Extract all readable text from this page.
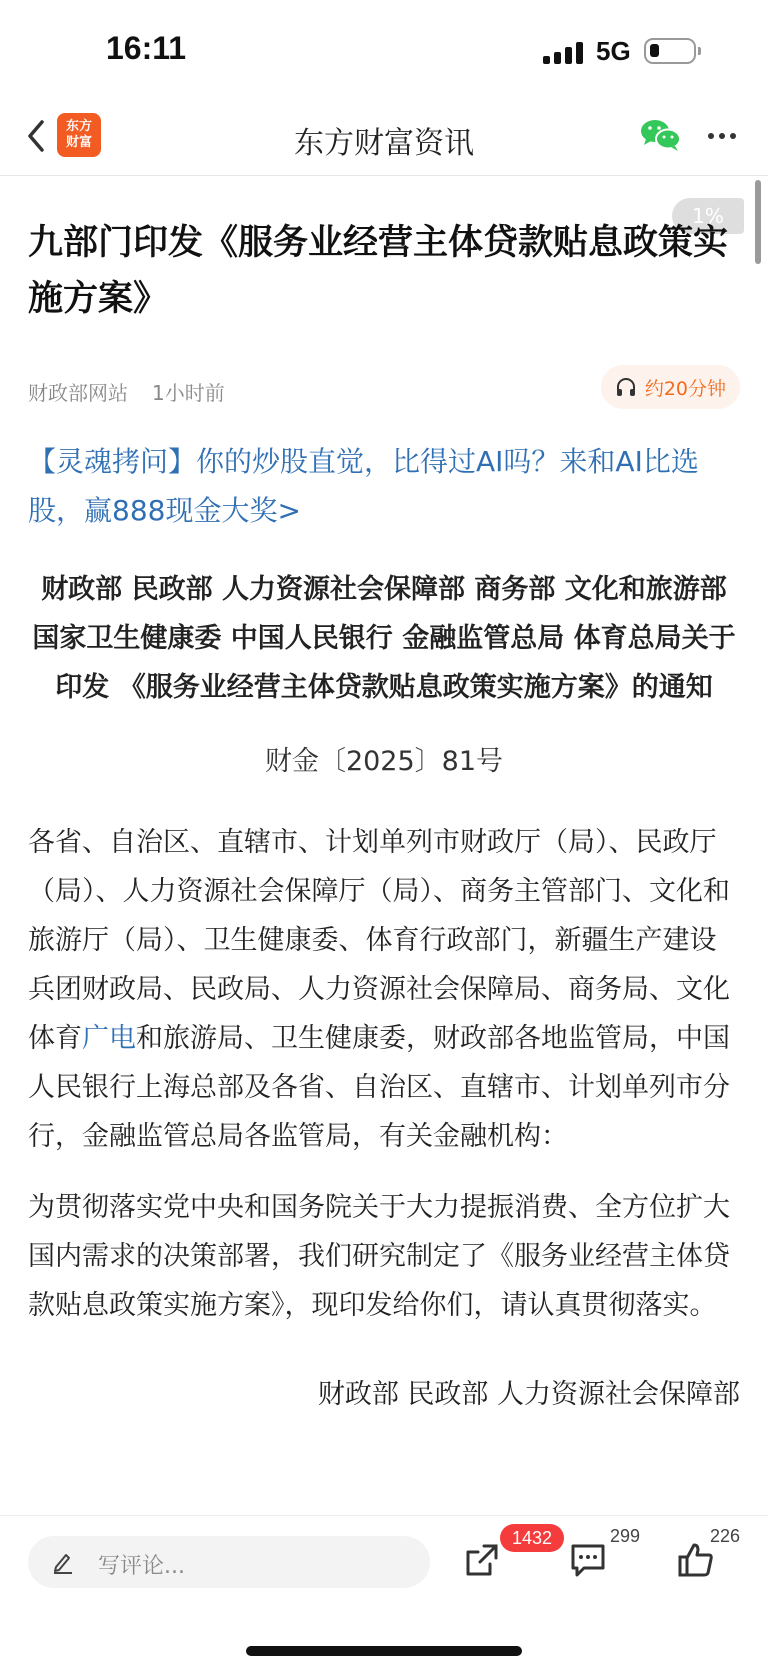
16:11	5G
东方
财富	东方财富资讯
1%
九部门印发《服务业经营主体贷款贴息政策实施方案》
财政部网站 1小时前	约20分钟
【灵魂拷问】你的炒股直觉，比得过AI吗？来和AI比选股，赢888现金大奖>
财政部 民政部 人力资源社会保障部 商务部 文化和旅游部 国家卫生健康委 中国人民银行 金融监管总局 体育总局关于印发 《服务业经营主体贷款贴息政策实施方案》的通知
财金〔2025〕81号
各省、自治区、直辖市、计划单列市财政厅（局）、民政厅（局）、人力资源社会保障厅（局）、商务主管部门、文化和旅游厅（局）、卫生健康委、体育行政部门，新疆生产建设兵团财政局、民政局、人力资源社会保障局、商务局、文化体育广电和旅游局、卫生健康委，财政部各地监管局，中国人民银行上海总部及各省、自治区、直辖市、计划单列市分行，金融监管总局各监管局，有关金融机构：
为贯彻落实党中央和国务院关于大力提振消费、全方位扩大国内需求的决策部署，我们研究制定了《服务业经营主体贷款贴息政策实施方案》，现印发给你们，请认真贯彻落实。
财政部 民政部 人力资源社会保障部
写评论...
1432	299	226
